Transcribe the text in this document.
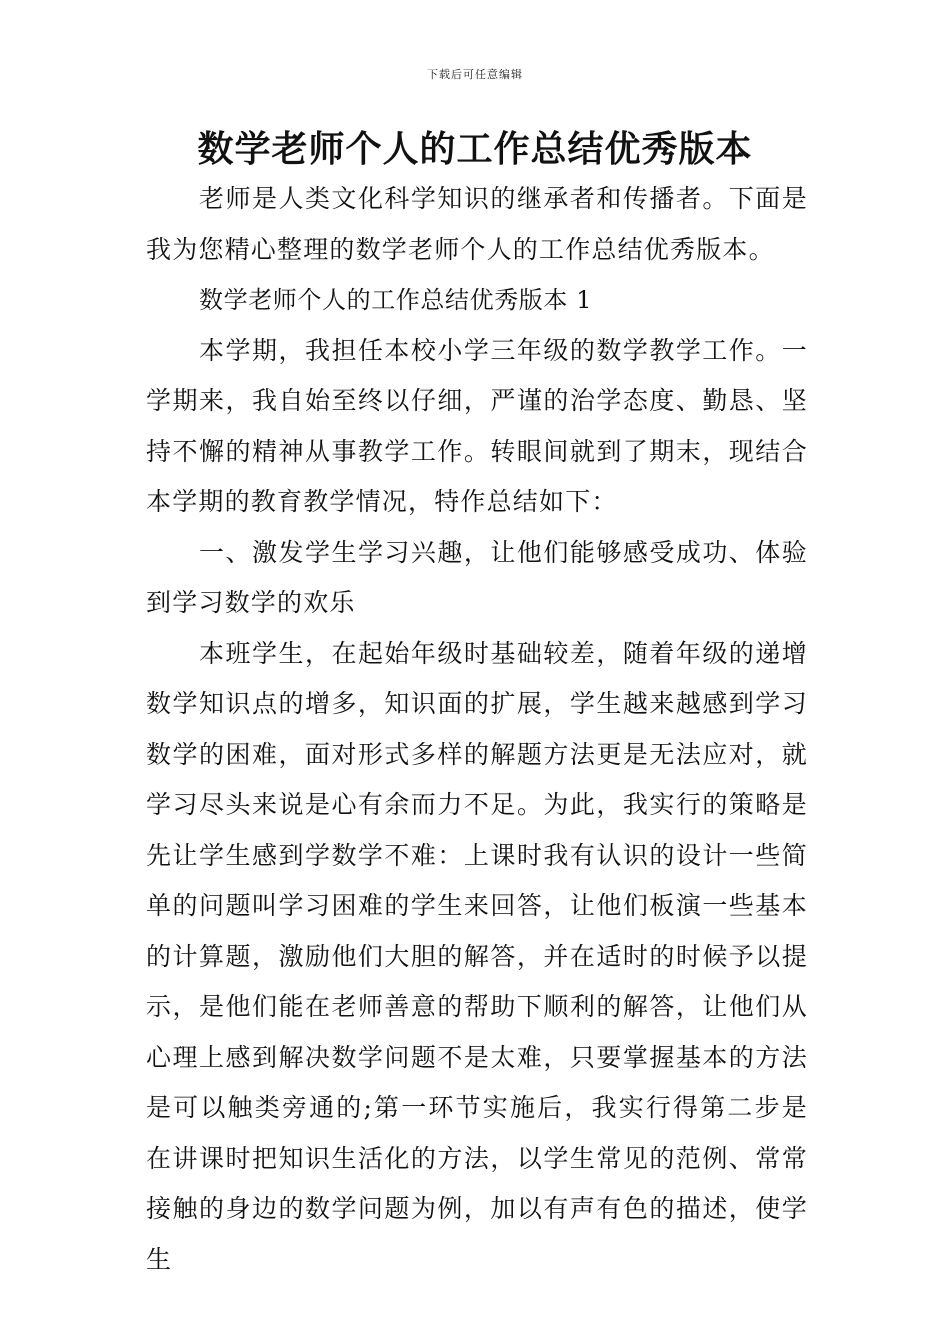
下载后可任意编辑
数学老师个人的工作总结优秀版本

老师是人类文化科学知识的继承者和传播者。下面是我为您精心整理的数学老师个人的工作总结优秀版本。

数学老师个人的工作总结优秀版本 1

本学期，我担任本校小学三年级的数学教学工作。一学期来，我自始至终以仔细，严谨的治学态度、勤恳、坚持不懈的精神从事教学工作。转眼间就到了期末，现结合本学期的教育教学情况，特作总结如下：

一、激发学生学习兴趣，让他们能够感受成功、体验到学习数学的欢乐

本班学生，在起始年级时基础较差，随着年级的递增数学知识点的增多，知识面的扩展，学生越来越感到学习数学的困难，面对形式多样的解题方法更是无法应对，就学习尽头来说是心有余而力不足。为此，我实行的策略是先让学生感到学数学不难：上课时我有认识的设计一些简单的问题叫学习困难的学生来回答，让他们板演一些基本的计算题，激励他们大胆的解答，并在适时的时候予以提示，是他们能在老师善意的帮助下顺利的解答，让他们从心理上感到解决数学问题不是太难，只要掌握基本的方法是可以触类旁通的;第一环节实施后，我实行得第二步是在讲课时把知识生活化的方法，以学生常见的范例、常常接触的身边的数学问题为例，加以有声有色的描述，使学生
